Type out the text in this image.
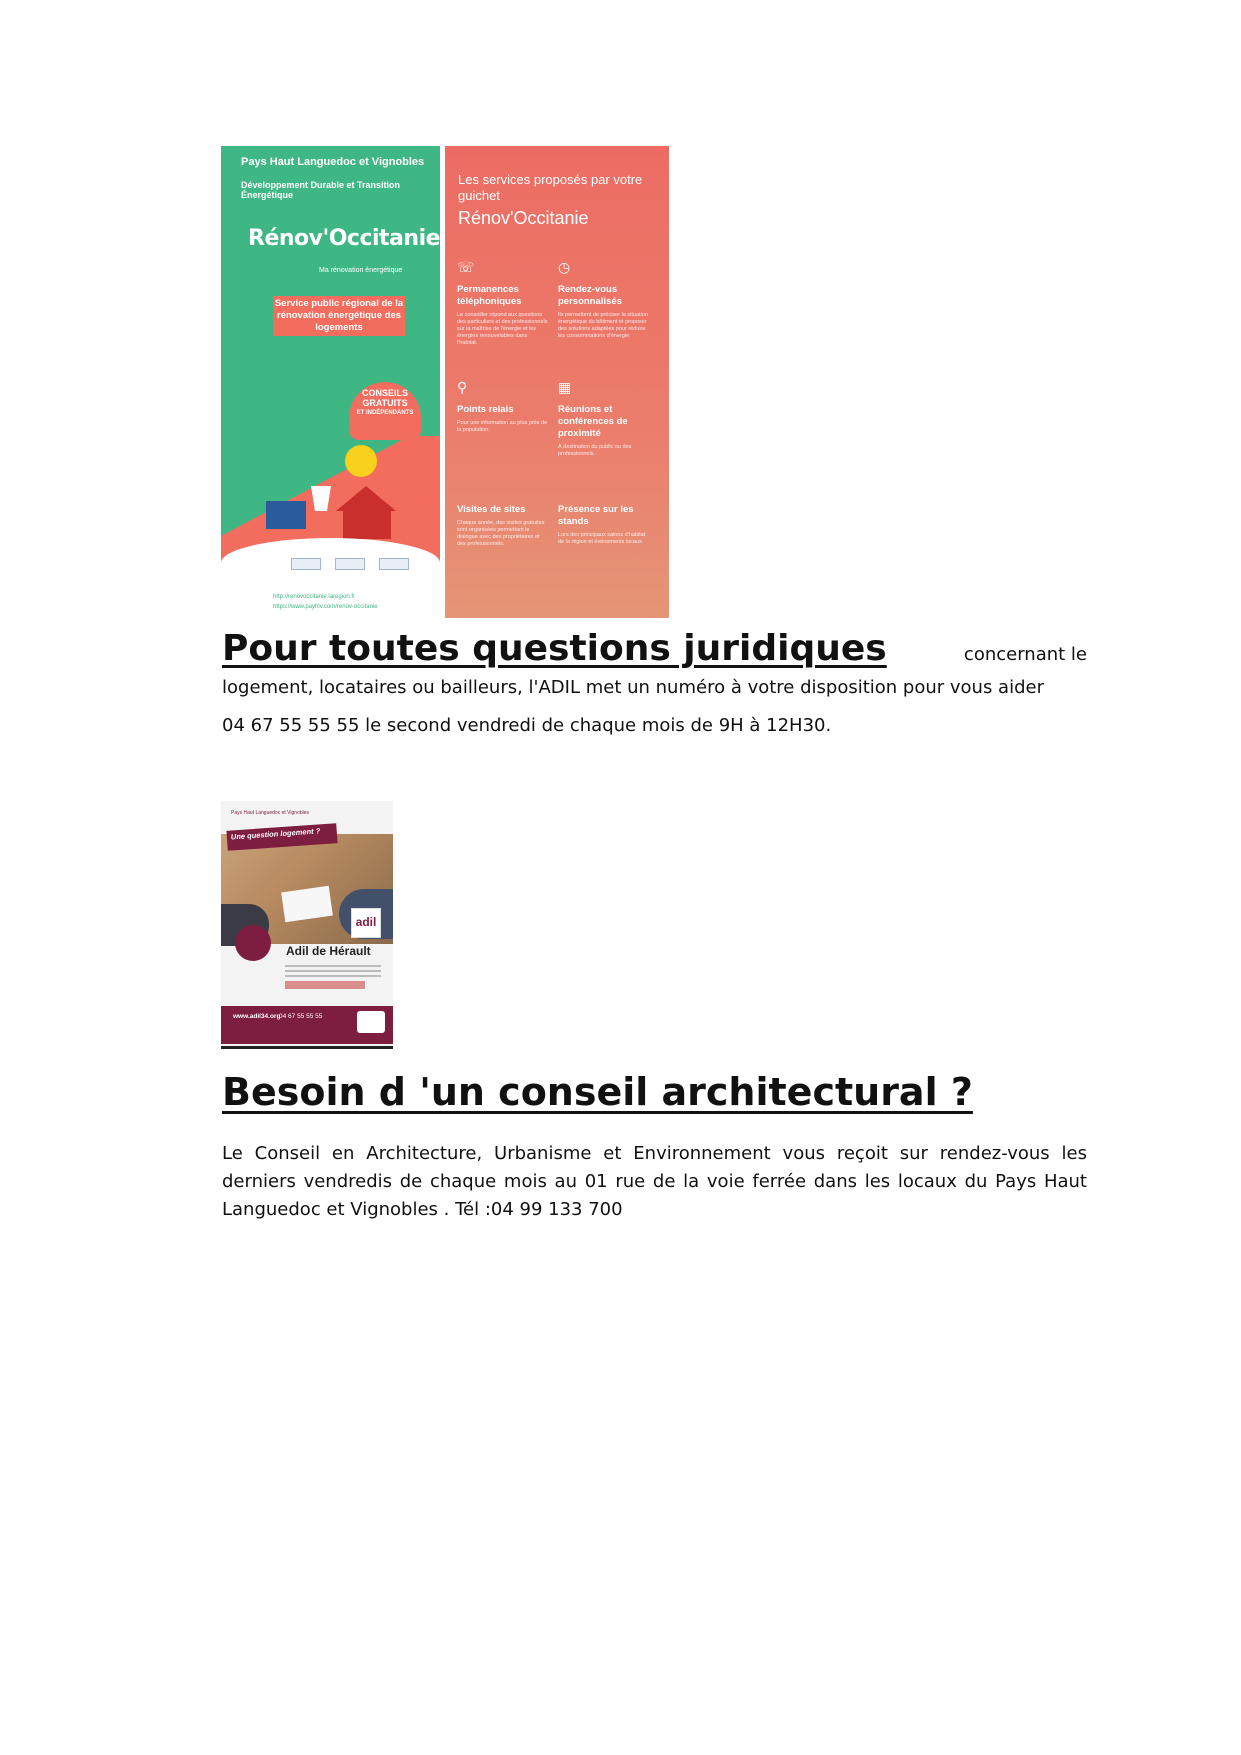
Pays Haut Languedoc et Vignobles
Développement Durable et Transition Énergétique
Rénov'Occitanie
Ma rénovation énergétique
Service public régional de la rénovation énergétique des logements
CONSEILS GRATUITS
ET INDÉPENDANTS
Un territoire de projets
http://renovoccitanie.laregion.fr
https://www.payhlv.com/renov-occitanie
Les services proposés par votre guichet
Rénov'Occitanie
☏
Permanences téléphoniques
Le conseiller répond aux questions des particuliers et des professionnels sur la maîtrise de l'énergie et les énergies renouvelables dans l'habitat.
◷
Rendez-vous personnalisés
Ils permettent de préciser la situation énergétique du bâtiment et proposer des solutions adaptées pour réduire les consommations d'énergie.
⚲
Points relais
Pour une information au plus près de la population.
▦
Réunions et conférences de proximité
À destination du public ou des professionnels.
Visites de sites
Chaque année, des visites gratuites sont organisées permettant le dialogue avec des propriétaires et des professionnels.
Présence sur les stands
Lors des principaux salons d'habitat de la région et événements locaux.
Pour toutes questions juridiques	concernant le
logement, locataires ou bailleurs, l'ADIL met un numéro à votre disposition pour vous aider
04 67 55 55 55 le second vendredi de chaque mois de 9H à 12H30.
Pays Haut Languedoc et Vignobles
Une question logement ?
adil
Adil de Hérault
www.adil34.org
04 67 55 55 55
Besoin d 'un conseil architectural ?
Le Conseil en Architecture, Urbanisme et Environnement vous reçoit sur rendez-vous les derniers vendredis de chaque mois au 01 rue de la voie ferrée dans les locaux du Pays Haut Languedoc et Vignobles . Tél :04 99 133 700
